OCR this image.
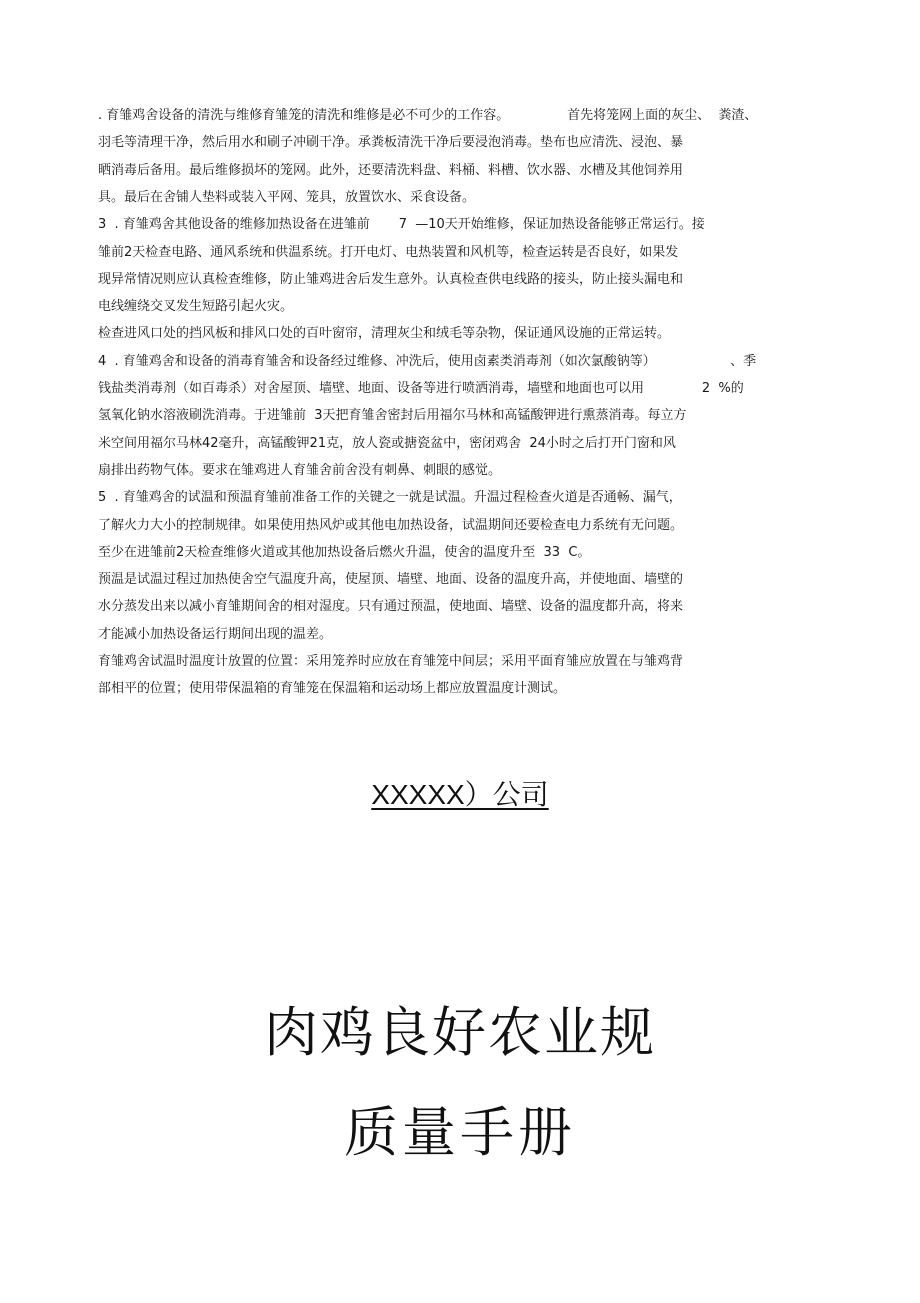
. 育雏鸡舍设备的清洗与维修育雏笼的清洗和维修是必不可少的工作容。              首先将笼网上面的灰尘、  粪渣、
羽毛等清理干净，然后用水和刷子冲刷干净。承粪板清洗干净后要浸泡消毒。垫布也应清洗、浸泡、暴
晒消毒后备用。最后维修损坏的笼网。此外，还要清洗料盘、料桶、料槽、饮水器、水槽及其他饲养用
具。最后在舍铺人垫料或装入平网、笼具，放置饮水、采食设备。
3  . 育雏鸡舍其他设备的维修加热设备在进雏前       7  —10天开始维修，保证加热设备能够正常运行。接
雏前2天检查电路、通风系统和供温系统。打开电灯、电热装置和风机等，检查运转是否良好，如果发
现异常情况则应认真检查维修，防止雏鸡进舍后发生意外。认真检查供电线路的接头，防止接头漏电和
电线缠绕交叉发生短路引起火灾。
检查进风口处的挡风板和排风口处的百叶窗帘，清理灰尘和绒毛等杂物，保证通风设施的正常运转。
4  . 育雏鸡舍和设备的消毒育雏舍和设备经过维修、冲洗后，使用卤素类消毒剂（如次氯酸钠等）                  、季
钱盐类消毒剂（如百毒杀）对舍屋顶、墙壁、地面、设备等进行喷洒消毒，墙壁和地面也可以用              2  %的
氢氧化钠水溶液刷洗消毒。于进雏前  3天把育雏舍密封后用福尔马林和高锰酸钾进行熏蒸消毒。每立方
米空间用福尔马林42毫升，高锰酸钾21克，放人瓷或搪瓷盆中，密闭鸡舍  24小时之后打开门窗和风
扇排出药物气体。要求在雏鸡进人育雏舍前舍没有刺鼻、刺眼的感觉。
5  . 育雏鸡舍的试温和预温育雏前准备工作的关键之一就是试温。升温过程检查火道是否通畅、漏气，
了解火力大小的控制规律。如果使用热风炉或其他电加热设备，试温期间还要检查电力系统有无问题。
至少在进雏前2天检查维修火道或其他加热设备后燃火升温，使舍的温度升至  33  C。
预温是试温过程过加热使舍空气温度升高，使屋顶、墙壁、地面、设备的温度升高，并使地面、墙壁的
水分蒸发出来以减小育雏期间舍的相对湿度。只有通过预温，使地面、墙壁、设备的温度都升高，将来
才能减小加热设备运行期间出现的温差。
育雏鸡舍试温时温度计放置的位置：采用笼养时应放在育雏笼中间层；采用平面育雏应放置在与雏鸡背
部相平的位置；使用带保温箱的育雏笼在保温箱和运动场上都应放置温度计测试。
XXXXX）公司
肉鸡良好农业规
质量手册
